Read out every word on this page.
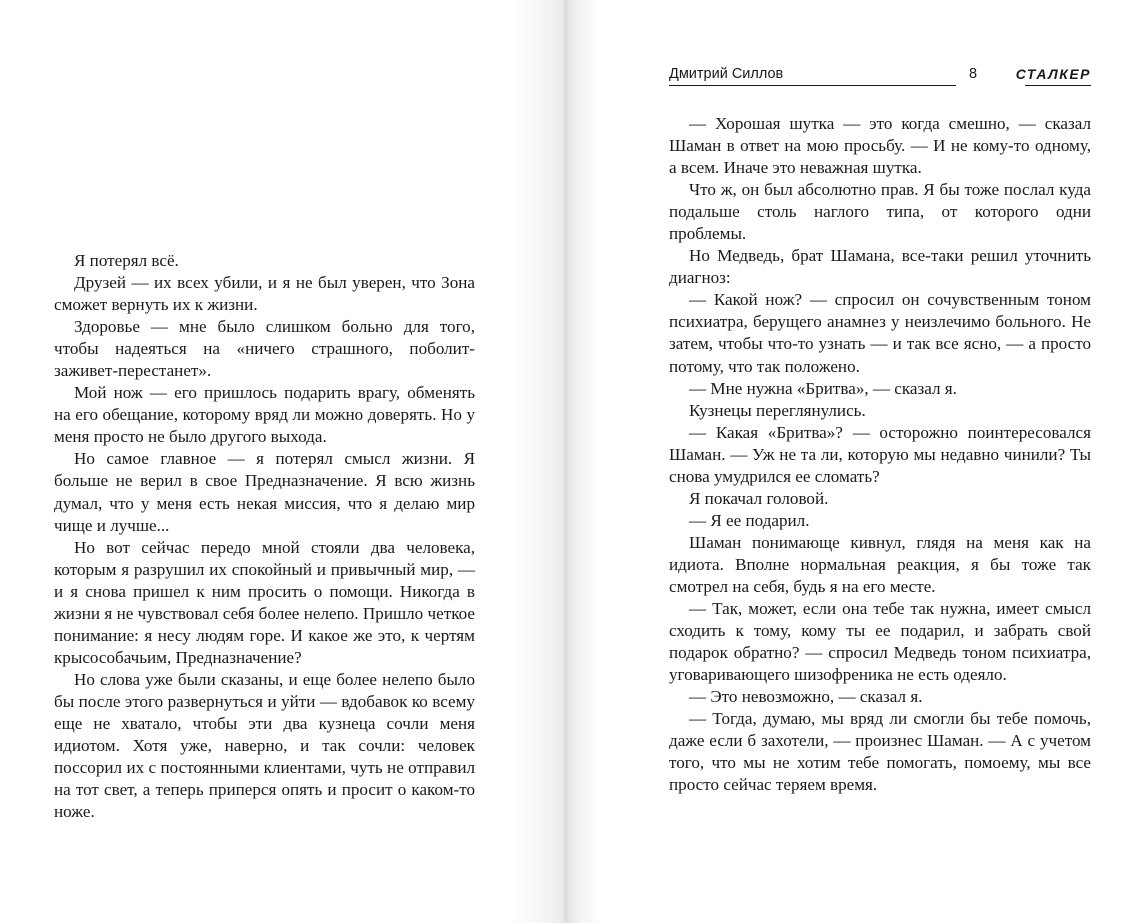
Дмитрий Силлов	8	СТАЛКЕР

Я потерял всё.

Друзей — их всех убили, и я не был уверен, что Зона сможет вернуть их к жизни.

Здоровье — мне было слишком больно для того, чтобы надеяться на «ничего страшного, поболит-заживет-перестанет».

Мой нож — его пришлось подарить врагу, обменять на его обещание, которому вряд ли можно доверять. Но у меня просто не было другого выхода.

Но самое главное — я потерял смысл жизни. Я больше не верил в свое Предназначение. Я всю жизнь думал, что у меня есть некая миссия, что я делаю мир чище и лучше...

Но вот сейчас передо мной стояли два человека, которым я разрушил их спокойный и привычный мир, — и я снова пришел к ним просить о помощи. Никогда в жизни я не чувствовал себя более нелепо. Пришло четкое понимание: я несу людям горе. И какое же это, к чертям крысособачьим, Предназначение?

Но слова уже были сказаны, и еще более нелепо было бы после этого развернуться и уйти — вдобавок ко всему еще не хватало, чтобы эти два кузнеца сочли меня идиотом. Хотя уже, наверно, и так сочли: человек поссорил их с постоянными клиентами, чуть не отправил на тот свет, а теперь приперся опять и просит о каком-то ноже.

— Хорошая шутка — это когда смешно, — сказал Шаман в ответ на мою просьбу. — И не кому-то одному, а всем. Иначе это неважная шутка.

Что ж, он был абсолютно прав. Я бы тоже послал куда подальше столь наглого типа, от которого одни проблемы.

Но Медведь, брат Шамана, все-таки решил уточнить диагноз:

— Какой нож? — спросил он сочувственным тоном психиатра, берущего анамнез у неизлечимо больного. Не затем, чтобы что-то узнать — и так все ясно, — а просто потому, что так положено.

— Мне нужна «Бритва», — сказал я.

Кузнецы переглянулись.

— Какая «Бритва»? — осторожно поинтересовался Шаман. — Уж не та ли, которую мы недавно чинили? Ты снова умудрился ее сломать?

Я покачал головой.

— Я ее подарил.

Шаман понимающе кивнул, глядя на меня как на идиота. Вполне нормальная реакция, я бы тоже так смотрел на себя, будь я на его месте.

— Так, может, если она тебе так нужна, имеет смысл сходить к тому, кому ты ее подарил, и забрать свой подарок обратно? — спросил Медведь тоном психиатра, уговаривающего шизофреника не есть одеяло.

— Это невозможно, — сказал я.

— Тогда, думаю, мы вряд ли смогли бы тебе помочь, даже если б захотели, — произнес Шаман. — А с учетом того, что мы не хотим тебе помогать, помоему, мы все просто сейчас теряем время.
